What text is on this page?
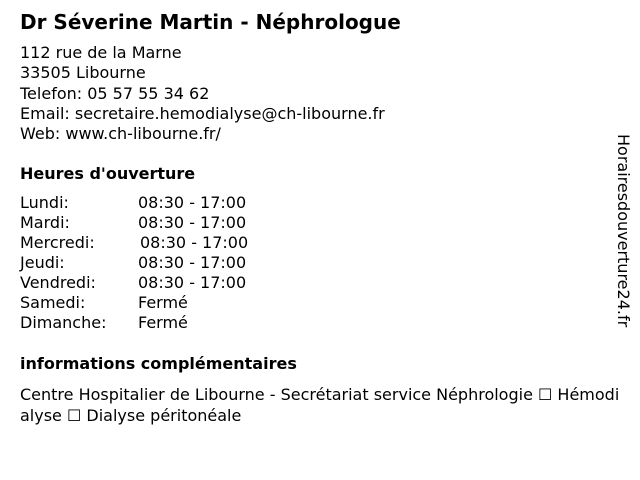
Dr Séverine Martin - Néphrologue
112 rue de la Marne
33505 Libourne
Telefon: 05 57 55 34 62
Email: secretaire.hemodialyse@ch-libourne.fr
Web: www.ch-libourne.fr/
Heures d'ouverture
Lundi:	08:30 - 17:00
Mardi:	08:30 - 17:00
Mercredi:	08:30 - 17:00
Jeudi:	08:30 - 17:00
Vendredi:	08:30 - 17:00
Samedi:	Fermé
Dimanche: Fermé
informations complémentaires
Centre Hospitalier de Libourne - Secrétariat service Néphrologie ☐ Hémodialyse ☐ Dialyse péritonéale
Horairesdouverture24.fr
